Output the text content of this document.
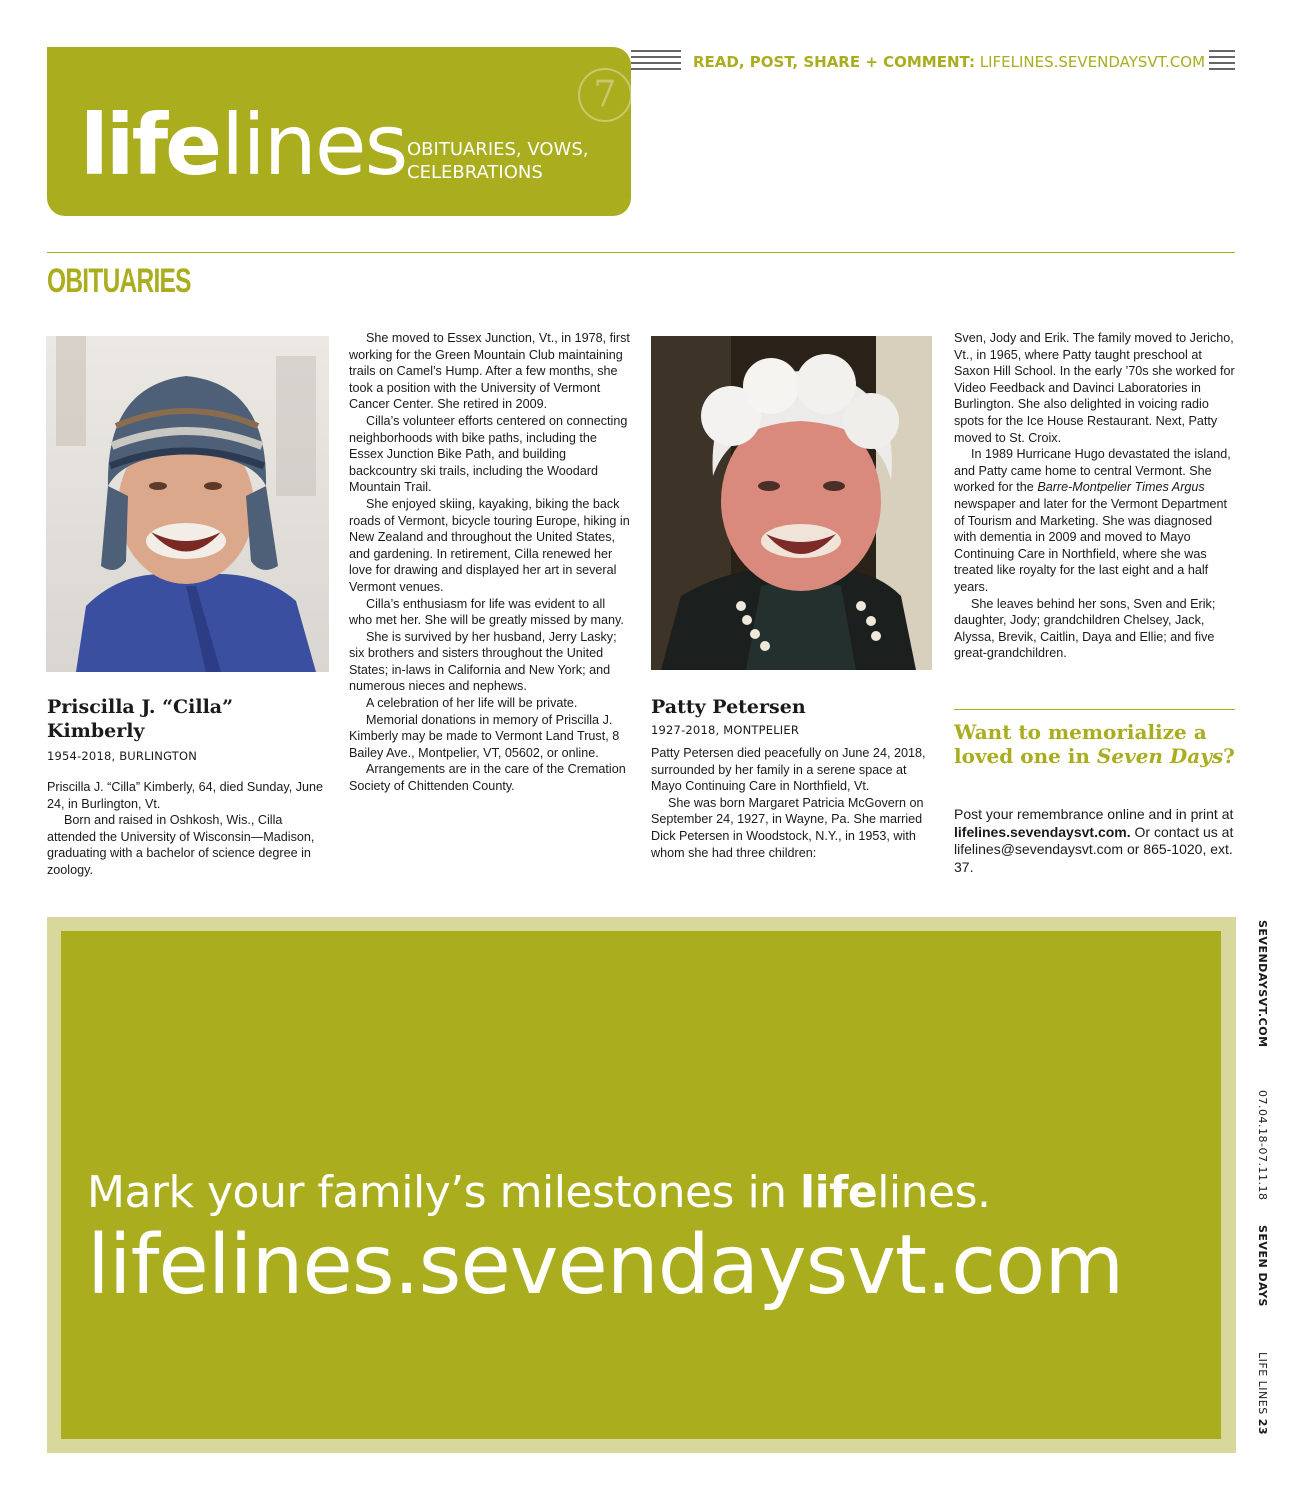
READ, POST, SHARE + COMMENT: LIFELINES.SEVENDAYSVT.COM
7
life lines OBITUARIES, VOWS, CELEBRATIONS
OBITUARIES
Priscilla J. “Cilla” Kimberly
1954-2018, BURLINGTON

Priscilla J. “Cilla” Kimberly, 64, died Sunday, June 24, in Burlington, Vt.

Born and raised in Oshkosh, Wis., Cilla attended the University of Wisconsin—Madison, graduating with a bachelor of science degree in zoology.

She moved to Essex Junction, Vt., in 1978, first working for the Green Mountain Club maintaining trails on Camel’s Hump. After a few months, she took a position with the University of Vermont Cancer Center. She retired in 2009.

Cilla’s volunteer efforts centered on connecting neighborhoods with bike paths, including the Essex Junction Bike Path, and building backcountry ski trails, including the Woodard Mountain Trail.

She enjoyed skiing, kayaking, biking the back roads of Vermont, bicycle touring Europe, hiking in New Zealand and throughout the United States, and gardening. In retirement, Cilla renewed her love for drawing and displayed her art in several Vermont venues.

Cilla’s enthusiasm for life was evident to all who met her. She will be greatly missed by many.

She is survived by her husband, Jerry Lasky; six brothers and sisters throughout the United States; in-laws in California and New York; and numerous nieces and nephews.

A celebration of her life will be private.

Memorial donations in memory of Priscilla J. Kimberly may be made to Vermont Land Trust, 8 Bailey Ave., Montpelier, VT, 05602, or online.

Arrangements are in the care of the Cremation Society of Chittenden County.

Patty Petersen
1927-2018, MONTPELIER

Patty Petersen died peacefully on June 24, 2018, surrounded by her family in a serene space at Mayo Continuing Care in Northfield, Vt.

She was born Margaret Patricia McGovern on September 24, 1927, in Wayne, Pa. She married Dick Petersen in Woodstock, N.Y., in 1953, with whom she had three children:

Sven, Jody and Erik. The family moved to Jericho, Vt., in 1965, where Patty taught preschool at Saxon Hill School. In the early ’70s she worked for Video Feedback and Davinci Laboratories in Burlington. She also delighted in voicing radio spots for the Ice House Restaurant. Next, Patty moved to St. Croix.

In 1989 Hurricane Hugo devastated the island, and Patty came home to central Vermont. She worked for the Barre-Montpelier Times Argus newspaper and later for the Vermont Department of Tourism and Marketing. She was diagnosed with dementia in 2009 and moved to Mayo Continuing Care in Northfield, where she was treated like royalty for the last eight and a half years.

She leaves behind her sons, Sven and Erik; daughter, Jody; grandchildren Chelsey, Jack, Alyssa, Brevik, Caitlin, Daya and Ellie; and five great-grandchildren.

Want to memorialize a loved one in Seven Days?
Post your remembrance online and in print at lifelines.sevendaysvt.com. Or contact us at lifelines@sevendaysvt.com or 865-1020, ext. 37.
Mark your family’s milestones in lifelines.
lifelines.sevendaysvt.com
SEVENDAYSVT.COM
07.04.18-07.11.18
SEVEN DAYS
LIFE LINES 23
